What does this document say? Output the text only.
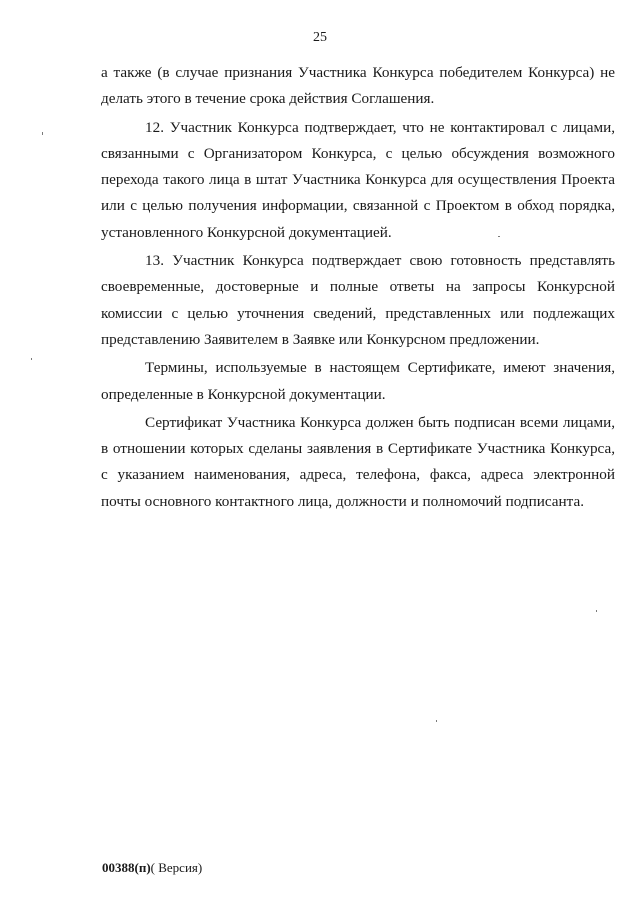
25

а также (в случае признания Участника Конкурса победителем Конкурса) не делать этого в течение срока действия Соглашения.

12. Участник Конкурса подтверждает, что не контактировал с лицами, связанными с Организатором Конкурса, с целью обсуждения возможного перехода такого лица в штат Участника Конкурса для осуществления Проекта или с целью получения информации, связанной с Проектом в обход порядка, установленного Конкурсной документацией.

13. Участник Конкурса подтверждает свою готовность представлять своевременные, достоверные и полные ответы на запросы Конкурсной комиссии с целью уточнения сведений, представленных или подлежащих представлению Заявителем в Заявке или Конкурсном предложении.

Термины, используемые в настоящем Сертификате, имеют значения, определенные в Конкурсной документации.

Сертификат Участника Конкурса должен быть подписан всеми лицами, в отношении которых сделаны заявления в Сертификате Участника Конкурса, с указанием наименования, адреса, телефона, факса, адреса электронной почты основного контактного лица, должности и полномочий подписанта.

00388(п)( Версия)
